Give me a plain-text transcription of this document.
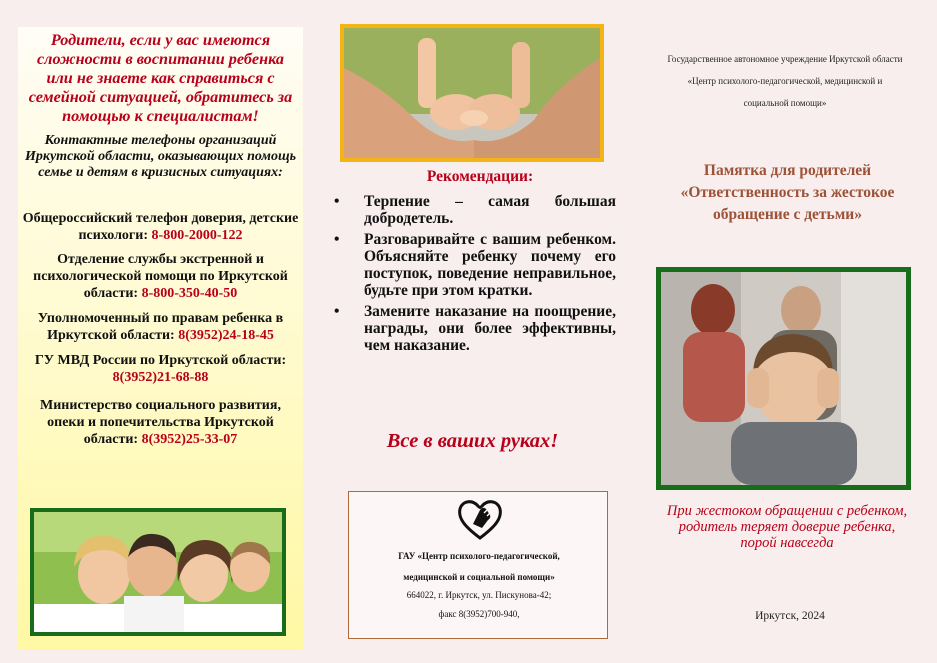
Родители, если у вас имеются сложности в воспитании ребенка или не знаете как справиться с семейной ситуацией, обратитесь за помощью к специалистам!

Контактные телефоны организаций Иркутской области, оказывающих помощь семье и детям в кризисных ситуациях:

Общероссийский телефон доверия, детские психологи: 8-800-2000-122

Отделение службы экстренной и психологической помощи по Иркутской области: 8-800-350-40-50

Уполномоченный по правам ребенка в Иркутской области: 8(3952)24-18-45

ГУ МВД России по Иркутской области: 8(3952)21-68-88

Министерство социального развития, опеки и попечительства Иркутской области: 8(3952)25-33-07

Рекомендации:

• Терпение – самая большая добродетель.
• Разговаривайте с вашим ребенком. Объясняйте ребенку почему его поступок, поведение неправильное, будьте при этом кратки.
• Замените наказание на поощрение, награды, они более эффективны, чем наказание.

Все в ваших руках!

ГАУ «Центр психолого-педагогической,
медицинской и социальной помощи»

664022, г. Иркутск, ул. Пискунова-42;

факс 8(3952)700-940,

Государственное автономное учреждение Иркутской области
«Центр психолого-педагогической, медицинской и
социальной помощи»

Памятка для родителей
«Ответственность за жестокое
обращение с детьми»

При жестоком обращении с ребенком, родитель теряет доверие ребенка, порой навсегда

Иркутск, 2024
